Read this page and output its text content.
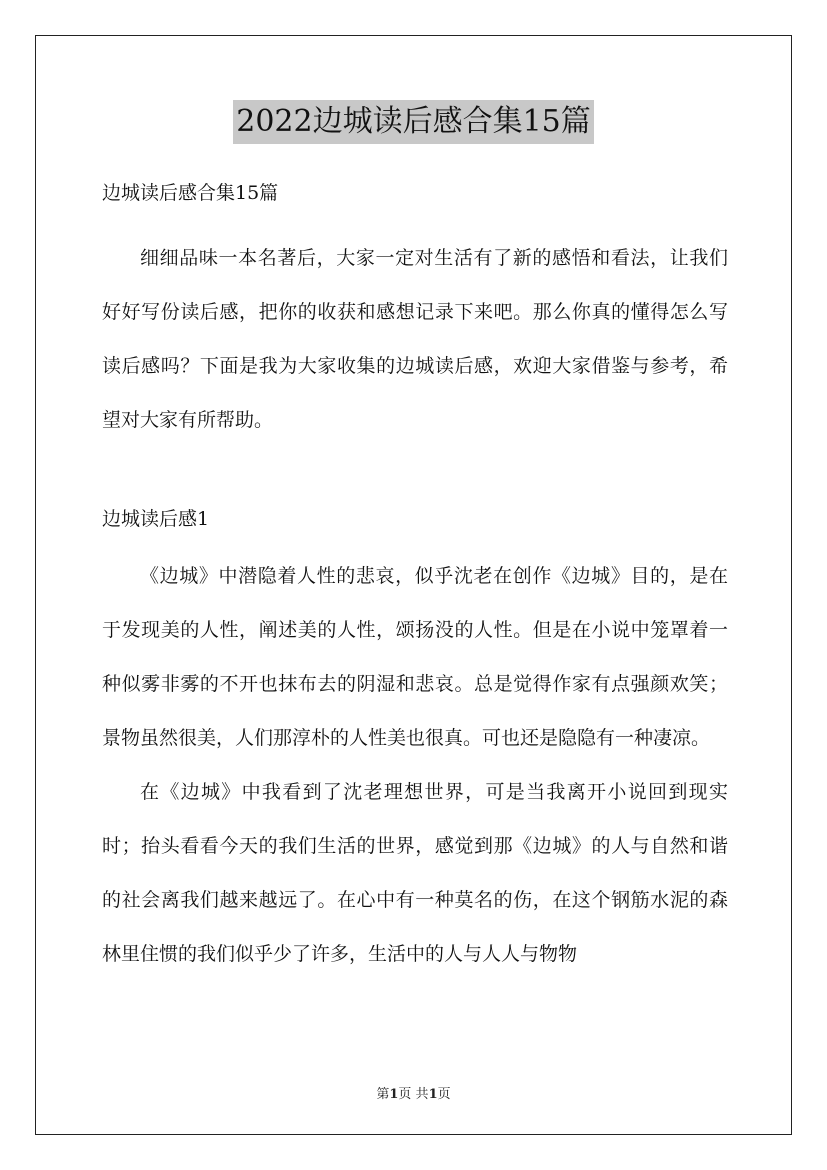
2022边城读后感合集15篇
边城读后感合集15篇

细细品味一本名著后，大家一定对生活有了新的感悟和看法，让我们好好写份读后感，把你的收获和感想记录下来吧。那么你真的懂得怎么写读后感吗？下面是我为大家收集的边城读后感，欢迎大家借鉴与参考，希望对大家有所帮助。

边城读后感1

《边城》中潜隐着人性的悲哀，似乎沈老在创作《边城》目的，是在于发现美的人性，阐述美的人性，颂扬没的人性。但是在小说中笼罩着一种似雾非雾的不开也抹布去的阴湿和悲哀。总是觉得作家有点强颜欢笑；景物虽然很美，人们那淳朴的人性美也很真。可也还是隐隐有一种凄凉。

在《边城》中我看到了沈老理想世界，可是当我离开小说回到现实时；抬头看看今天的我们生活的世界，感觉到那《边城》的人与自然和谐的社会离我们越来越远了。在心中有一种莫名的伤，在这个钢筋水泥的森林里住惯的我们似乎少了许多，生活中的人与人人与物物

第1页 共1页
